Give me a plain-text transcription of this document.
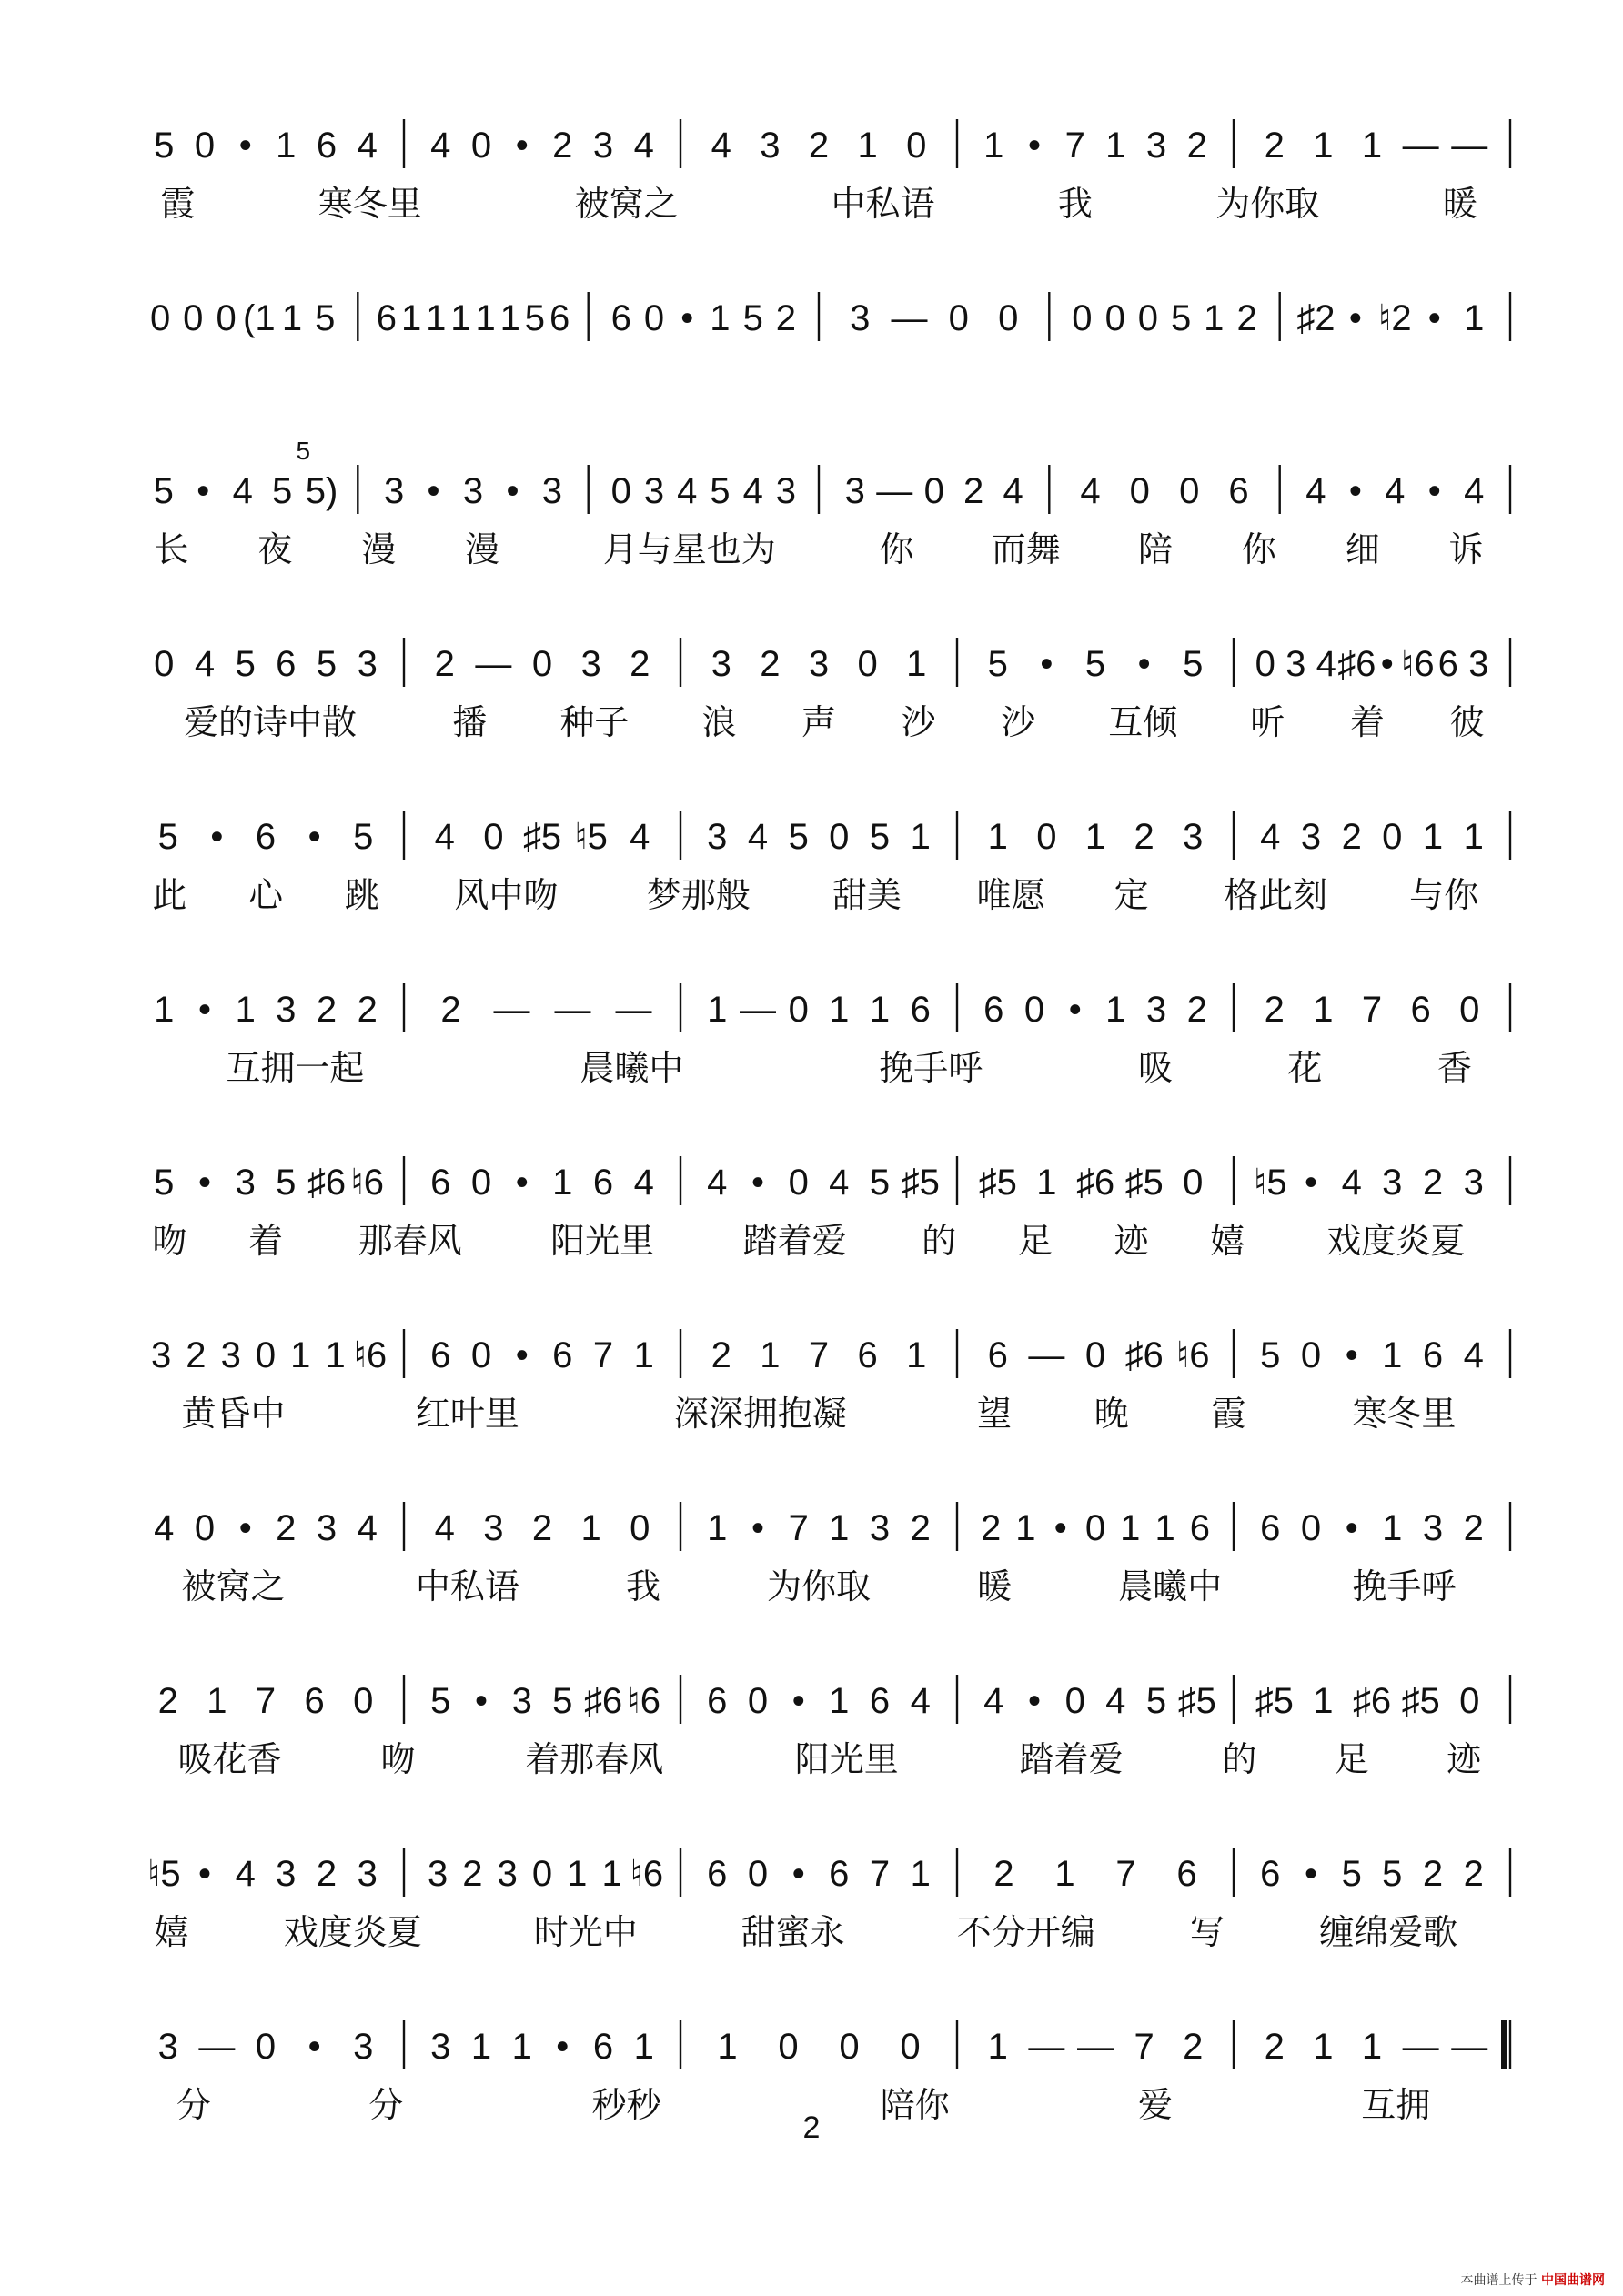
5 0 • 1 6 4 4 0 • 2 3 4 4 3 2 1 0 1 • 7 1 3 2 2 1 1 — —
霞	寒冬里	被窝之	中私语	我	为你取	暖
0 0 0 (1 1 5 6 1 1 1 1 1 5 6 6 0 • 1 5 2 3 — 0 0 0 0 0 5 1 2 ♯2 • ♮2 • 1
5 • 4 5 5) 3 • 3 • 3 0 3 4 5 4 3 3 — 0 2 4 4 0 0 6 4 • 4 • 4
5
长 夜 漫 漫	月与星也为	你 而舞 陪 你 细 诉
0 4 5 6 5 3 2 — 0 3 2 3 2 3 0 1 5 • 5 • 5 0 3 4 ♯6 • ♮6 6 3
爱的诗中散	播 种子 浪 声 沙 沙 互倾 听 着 彼
5 • 6 • 5 4 0 ♯5 ♮5 4 3 4 5 0 5 1 1 0 1 2 3 4 3 2 0 1 1
此 心 跳 风中吻	梦那般 甜美 唯愿 定 格此刻 与你
1 • 1 3 2 2 2 — — — 1 — 0 1 1 6 6 0 • 1 3 2 2 1 7 6 0
互拥一起	晨曦中	挽手呼	吸	花	香
5 • 3 5 ♯6 ♮6 6 0 • 1 6 4 4 • 0 4 5 ♯5 ♯5 1 ♯6 ♯5 0 ♮5 • 4 3 2 3
吻 着 那春风	阳光里	踏着爱 的 足 迹 嬉 戏度炎夏
3 2 3 0 1 1 ♮6 6 0 • 6 7 1 2 1 7 6 1 6 — 0 ♯6 ♮6 5 0 • 1 6 4
黄昏中	红叶里	深深拥抱凝	望 晚 霞	寒冬里
4 0 • 2 3 4 4 3 2 1 0 1 • 7 1 3 2 2 1 • 0 1 1 6 6 0 • 1 3 2
被窝之	中私语	我	为你取	暖	晨曦中	挽手呼
2 1 7 6 0 5 • 3 5 ♯6 ♮6 6 0 • 1 6 4 4 • 0 4 5 ♯5 ♯5 1 ♯6 ♯5 0
吸花香	吻	着那春风	阳光里	踏着爱	的 足 迹
♮5 • 4 3 2 3 3 2 3 0 1 1 ♮6 6 0 • 6 7 1 2 1 7 6 6 • 5 5 2 2
嬉	戏度炎夏	时光中	甜蜜永	不分开编	写	缠绵爱歌
3 — 0 • 3 3 1 1 • 6 1 1 0 0 0 1 — — 7 2 2 1 1 — —
分	分	秒秒	陪你	爱	互拥
2
本曲谱上传于 中国曲谱网
